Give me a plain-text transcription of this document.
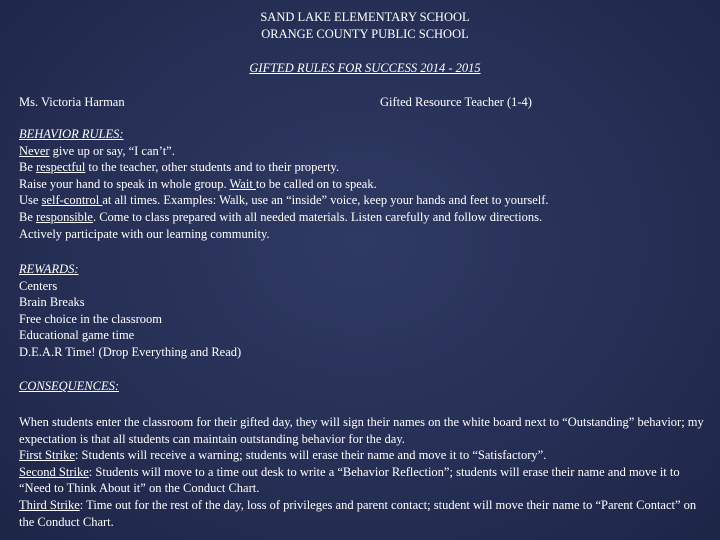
SAND LAKE ELEMENTARY SCHOOL
ORANGE COUNTY PUBLIC SCHOOL
GIFTED RULES FOR SUCCESS 2014 - 2015
Ms. Victoria Harman	Gifted Resource Teacher (1-4)
BEHAVIOR RULES:
Never give up or say, “I can’t”.
Be respectful to the teacher, other students and to their property.
Raise your hand to speak in whole group. Wait to be called on to speak.
Use self-control at all times. Examples: Walk, use an “inside” voice, keep your hands and feet to yourself.
Be responsible. Come to class prepared with all needed materials. Listen carefully and follow directions.
Actively participate with our learning community.
REWARDS:
Centers
Brain Breaks
Free choice in the classroom
Educational game time
D.E.A.R Time! (Drop Everything and Read)
CONSEQUENCES:
When students enter the classroom for their gifted day, they will sign their names on the white board next to “Outstanding” behavior; my expectation is that all students can maintain outstanding behavior for the day.
First Strike: Students will receive a warning; students will erase their name and move it to “Satisfactory”.
Second Strike: Students will move to a time out desk to write a “Behavior Reflection”; students will erase their name and move it to “Need to Think About it” on the Conduct Chart.
Third Strike: Time out for the rest of the day, loss of privileges and parent contact; student will move their name to “Parent Contact” on the Conduct Chart.
